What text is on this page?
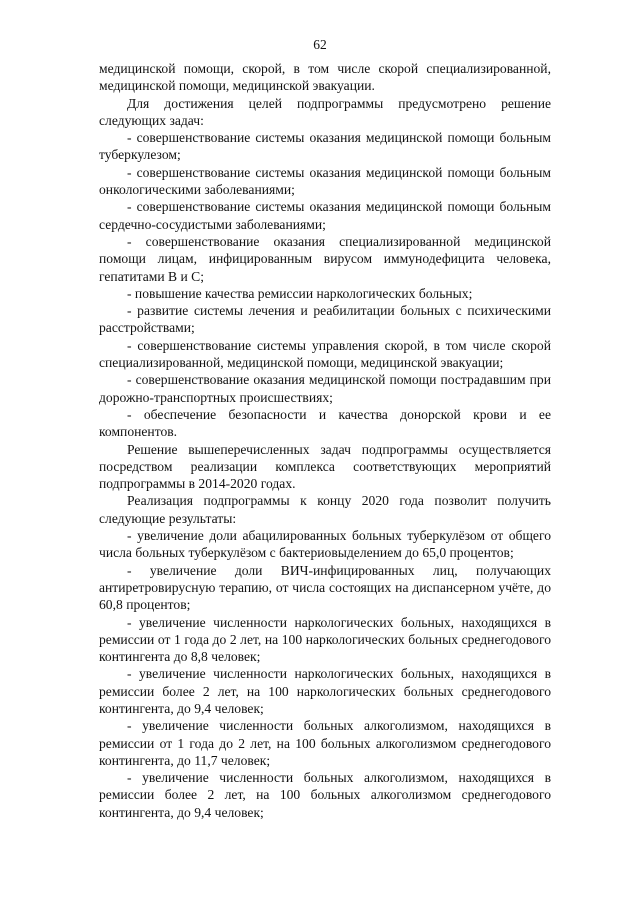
62

медицинской помощи, скорой, в том числе скорой специализированной, медицинской помощи, медицинской эвакуации.

Для достижения целей подпрограммы предусмотрено решение следующих задач:

- совершенствование системы оказания медицинской помощи больным туберкулезом;

- совершенствование системы оказания медицинской помощи больным онкологическими заболеваниями;

- совершенствование системы оказания медицинской помощи больным сердечно-сосудистыми заболеваниями;

- совершенствование оказания специализированной медицинской помощи лицам, инфицированным вирусом иммунодефицита человека, гепатитами В и С;

- повышение качества ремиссии наркологических больных;

- развитие системы лечения и реабилитации больных с психическими расстройствами;

- совершенствование системы управления скорой, в том числе скорой специализированной, медицинской помощи, медицинской эвакуации;

- совершенствование оказания медицинской помощи пострадавшим при дорожно-транспортных происшествиях;

- обеспечение безопасности и качества донорской крови и ее компонентов.

Решение вышеперечисленных задач подпрограммы осуществляется посредством реализации комплекса соответствующих мероприятий подпрограммы в 2014-2020 годах.

Реализация подпрограммы к концу 2020 года позволит получить следующие результаты:

- увеличение доли абацилированных больных туберкулёзом от общего числа больных туберкулёзом с бактериовыделением до 65,0 процентов;

- увеличение доли ВИЧ-инфицированных лиц, получающих антиретровирусную терапию, от числа состоящих на диспансерном учёте, до 60,8 процентов;

- увеличение численности наркологических больных, находящихся в ремиссии от 1 года до 2 лет, на 100 наркологических больных среднегодового контингента до 8,8 человек;

- увеличение численности наркологических больных, находящихся в ремиссии более 2 лет, на 100 наркологических больных среднегодового контингента, до 9,4 человек;

- увеличение численности больных алкоголизмом, находящихся в ремиссии от 1 года до 2 лет, на 100 больных алкоголизмом среднегодового контингента, до 11,7 человек;

- увеличение численности больных алкоголизмом, находящихся в ремиссии более 2 лет, на 100 больных алкоголизмом среднегодового контингента, до 9,4 человек;
